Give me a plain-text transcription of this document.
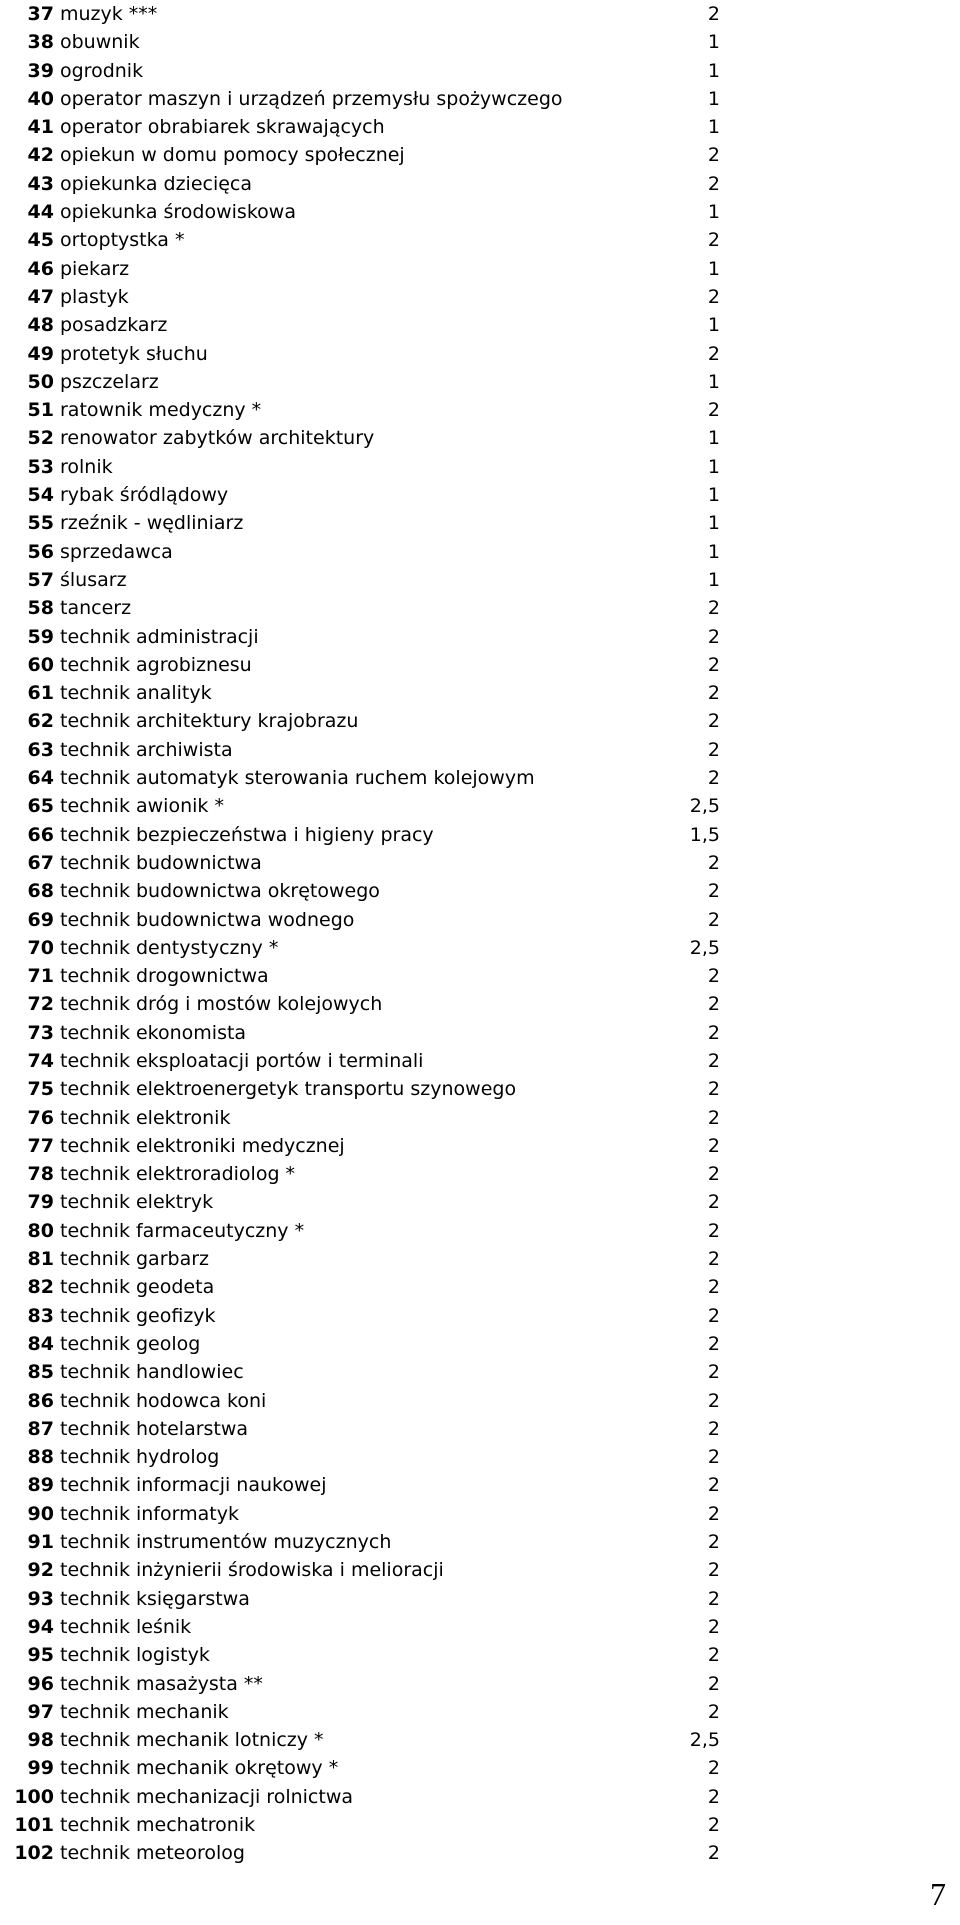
37 muzyk ***	2
38 obuwnik	1
39 ogrodnik	1
40 operator maszyn i urządzeń przemysłu spożywczego	1
41 operator obrabiarek skrawających	1
42 opiekun w domu pomocy społecznej	2
43 opiekunka dziecięca	2
44 opiekunka środowiskowa	1
45 ortoptystka *	2
46 piekarz	1
47 plastyk	2
48 posadzkarz	1
49 protetyk słuchu	2
50 pszczelarz	1
51 ratownik medyczny *	2
52 renowator zabytków architektury	1
53 rolnik	1
54 rybak śródlądowy	1
55 rzeźnik - wędliniarz	1
56 sprzedawca	1
57 ślusarz	1
58 tancerz	2
59 technik administracji	2
60 technik agrobiznesu	2
61 technik analityk	2
62 technik architektury krajobrazu	2
63 technik archiwista	2
64 technik automatyk sterowania ruchem kolejowym	2
65 technik awionik *	2,5
66 technik bezpieczeństwa i higieny pracy	1,5
67 technik budownictwa	2
68 technik budownictwa okrętowego	2
69 technik budownictwa wodnego	2
70 technik dentystyczny *	2,5
71 technik drogownictwa	2
72 technik dróg i mostów kolejowych	2
73 technik ekonomista	2
74 technik eksploatacji portów i terminali	2
75 technik elektroenergetyk transportu szynowego	2
76 technik elektronik	2
77 technik elektroniki medycznej	2
78 technik elektroradiolog *	2
79 technik elektryk	2
80 technik farmaceutyczny *	2
81 technik garbarz	2
82 technik geodeta	2
83 technik geofizyk	2
84 technik geolog	2
85 technik handlowiec	2
86 technik hodowca koni	2
87 technik hotelarstwa	2
88 technik hydrolog	2
89 technik informacji naukowej	2
90 technik informatyk	2
91 technik instrumentów muzycznych	2
92 technik inżynierii środowiska i melioracji	2
93 technik księgarstwa	2
94 technik leśnik	2
95 technik logistyk	2
96 technik masażysta **	2
97 technik mechanik	2
98 technik mechanik lotniczy *	2,5
99 technik mechanik okrętowy *	2
100 technik mechanizacji rolnictwa	2
101 technik mechatronik	2
102 technik meteorolog	2
7
